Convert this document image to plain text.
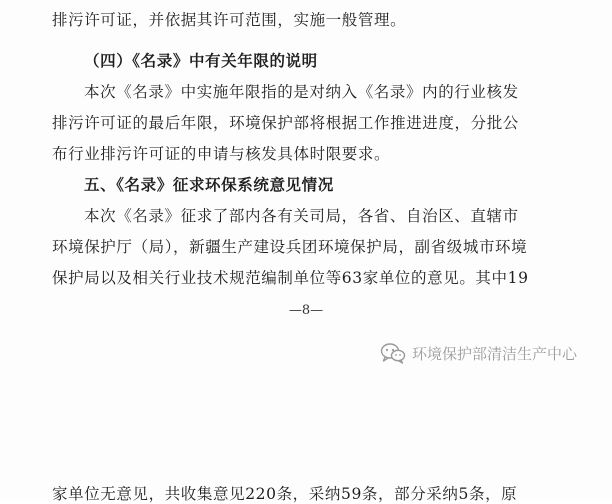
排污许可证，并依据其许可范围，实施一般管理。
（四）《名录》中有关年限的说明
本次《名录》中实施年限指的是对纳入《名录》内的行业核发
排污许可证的最后年限，环境保护部将根据工作推进进度，分批公
布行业排污许可证的申请与核发具体时限要求。
五、《名录》征求环保系统意见情况
本次《名录》征求了部内各有关司局，各省、自治区、直辖市
环境保护厅（局），新疆生产建设兵团环境保护局，副省级城市环境
保护局以及相关行业技术规范编制单位等63家单位的意见。其中19
—8—
环境保护部清洁生产中心
家单位无意见，共收集意见220条，采纳59条，部分采纳5条，原
